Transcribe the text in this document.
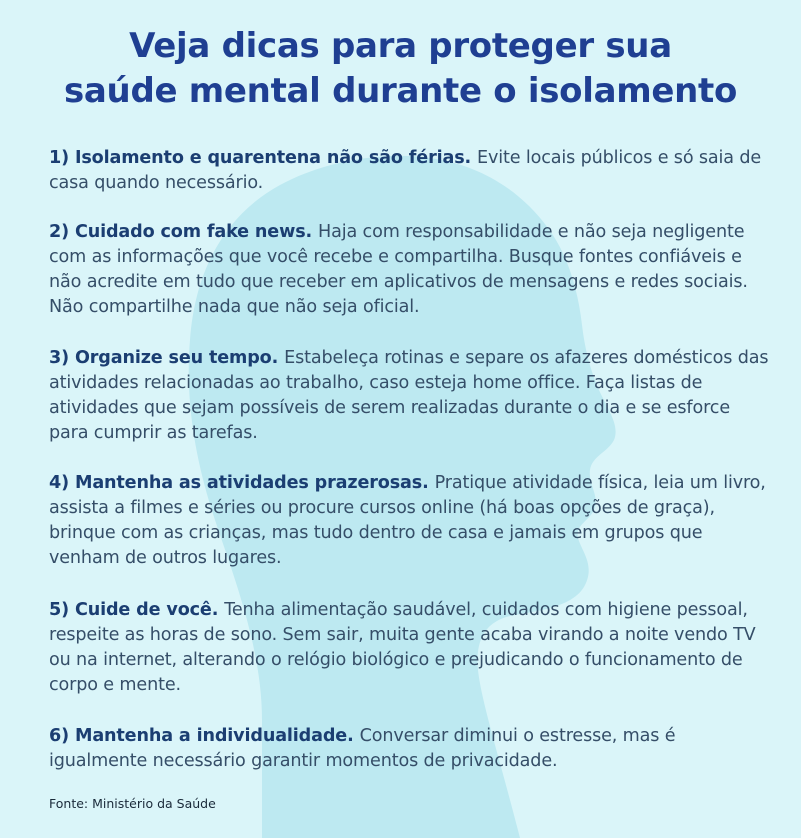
Veja dicas para proteger sua
saúde mental durante o isolamento
1) Isolamento e quarentena não são férias. Evite locais públicos e só saia de casa quando necessário.
2) Cuidado com fake news. Haja com responsabilidade e não seja negligente com as informações que você recebe e compartilha. Busque fontes confiáveis e não acredite em tudo que receber em aplicativos de mensagens e redes sociais. Não compartilhe nada que não seja oficial.
3) Organize seu tempo. Estabeleça rotinas e separe os afazeres domésticos das atividades relacionadas ao trabalho, caso esteja home office. Faça listas de atividades que sejam possíveis de serem realizadas durante o dia e se esforce para cumprir as tarefas.
4) Mantenha as atividades prazerosas. Pratique atividade física, leia um livro, assista a filmes e séries ou procure cursos online (há boas opções de graça), brinque com as crianças, mas tudo dentro de casa e jamais em grupos que venham de outros lugares.
5) Cuide de você. Tenha alimentação saudável, cuidados com higiene pessoal, respeite as horas de sono. Sem sair, muita gente acaba virando a noite vendo TV ou na internet, alterando o relógio biológico e prejudicando o funcionamento de corpo e mente.
6) Mantenha a individualidade. Conversar diminui o estresse, mas é igualmente necessário garantir momentos de privacidade.

Fonte: Ministério da Saúde
